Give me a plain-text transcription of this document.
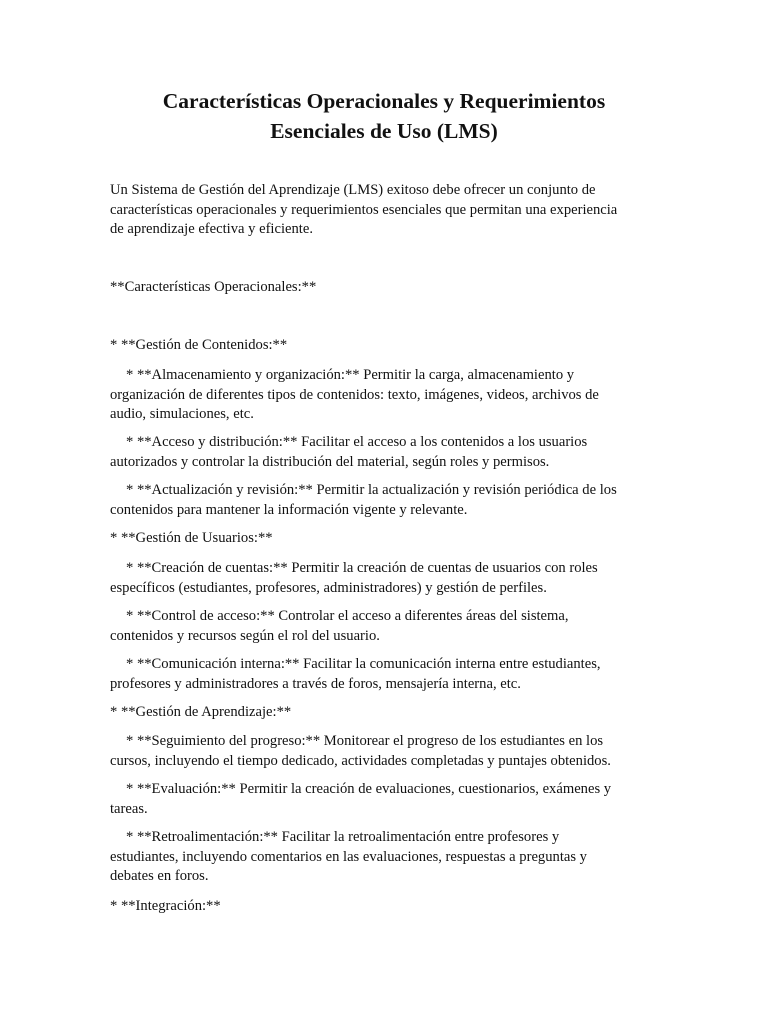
Características Operacionales y Requerimientos
Esenciales de Uso (LMS)

Un Sistema de Gestión del Aprendizaje (LMS) exitoso debe ofrecer un conjunto de
características operacionales y requerimientos esenciales que permitan una experiencia
de aprendizaje efectiva y eficiente.

**Características Operacionales:**

* **Gestión de Contenidos:**

* **Almacenamiento y organización:** Permitir la carga, almacenamiento y
organización de diferentes tipos de contenidos: texto, imágenes, videos, archivos de
audio, simulaciones, etc.

* **Acceso y distribución:** Facilitar el acceso a los contenidos a los usuarios
autorizados y controlar la distribución del material, según roles y permisos.

* **Actualización y revisión:** Permitir la actualización y revisión periódica de los
contenidos para mantener la información vigente y relevante.

* **Gestión de Usuarios:**

* **Creación de cuentas:** Permitir la creación de cuentas de usuarios con roles
específicos (estudiantes, profesores, administradores) y gestión de perfiles.

* **Control de acceso:** Controlar el acceso a diferentes áreas del sistema,
contenidos y recursos según el rol del usuario.

* **Comunicación interna:** Facilitar la comunicación interna entre estudiantes,
profesores y administradores a través de foros, mensajería interna, etc.

* **Gestión de Aprendizaje:**

* **Seguimiento del progreso:** Monitorear el progreso de los estudiantes en los
cursos, incluyendo el tiempo dedicado, actividades completadas y puntajes obtenidos.

* **Evaluación:** Permitir la creación de evaluaciones, cuestionarios, exámenes y
tareas.

* **Retroalimentación:** Facilitar la retroalimentación entre profesores y
estudiantes, incluyendo comentarios en las evaluaciones, respuestas a preguntas y
debates en foros.

* **Integración:**
